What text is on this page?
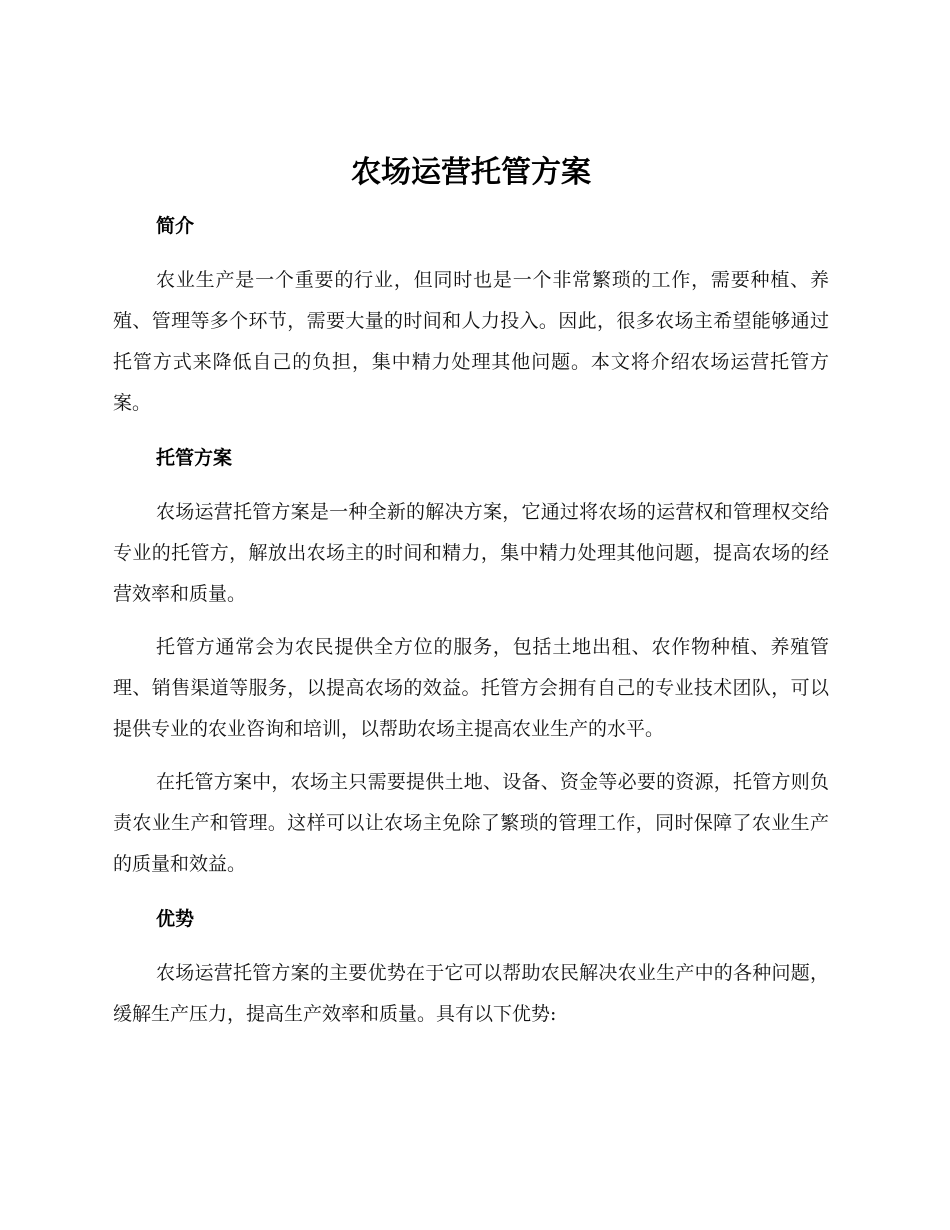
农场运营托管方案
简介

农业生产是一个重要的行业，但同时也是一个非常繁琐的工作，需要种植、养殖、管理等多个环节，需要大量的时间和人力投入。因此，很多农场主希望能够通过托管方式来降低自己的负担，集中精力处理其他问题。本文将介绍农场运营托管方案。

托管方案

农场运营托管方案是一种全新的解决方案，它通过将农场的运营权和管理权交给专业的托管方，解放出农场主的时间和精力，集中精力处理其他问题，提高农场的经营效率和质量。

托管方通常会为农民提供全方位的服务，包括土地出租、农作物种植、养殖管理、销售渠道等服务，以提高农场的效益。托管方会拥有自己的专业技术团队，可以提供专业的农业咨询和培训，以帮助农场主提高农业生产的水平。

在托管方案中，农场主只需要提供土地、设备、资金等必要的资源，托管方则负责农业生产和管理。这样可以让农场主免除了繁琐的管理工作，同时保障了农业生产的质量和效益。

优势

农场运营托管方案的主要优势在于它可以帮助农民解决农业生产中的各种问题，缓解生产压力，提高生产效率和质量。具有以下优势:
